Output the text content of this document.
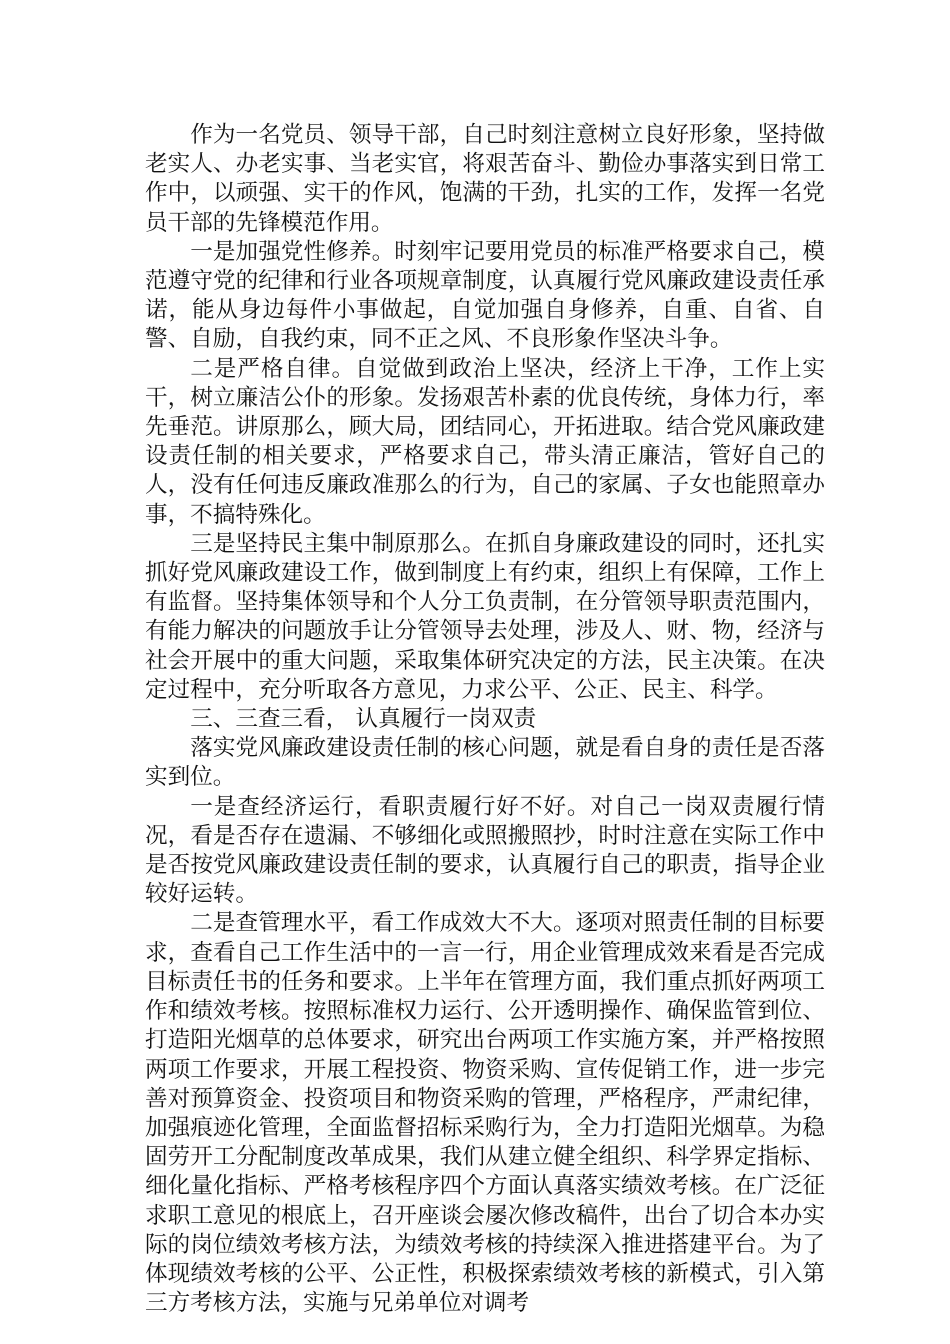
作为一名党员、领导干部，自己时刻注意树立良好形象，坚持做老实人、办老实事、当老实官，将艰苦奋斗、勤俭办事落实到日常工作中，以顽强、实干的作风，饱满的干劲，扎实的工作，发挥一名党员干部的先锋模范作用。

一是加强党性修养。时刻牢记要用党员的标准严格要求自己，模范遵守党的纪律和行业各项规章制度，认真履行党风廉政建设责任承诺，能从身边每件小事做起，自觉加强自身修养，自重、自省、自警、自励，自我约束，同不正之风、不良形象作坚决斗争。

二是严格自律。自觉做到政治上坚决，经济上干净，工作上实干，树立廉洁公仆的形象。发扬艰苦朴素的优良传统，身体力行，率先垂范。讲原那么，顾大局，团结同心，开拓进取。结合党风廉政建设责任制的相关要求，严格要求自己，带头清正廉洁，管好自己的人，没有任何违反廉政准那么的行为，自己的家属、子女也能照章办事，不搞特殊化。

三是坚持民主集中制原那么。在抓自身廉政建设的同时，还扎实抓好党风廉政建设工作，做到制度上有约束，组织上有保障，工作上有监督。坚持集体领导和个人分工负责制，在分管领导职责范围内，有能力解决的问题放手让分管领导去处理，涉及人、财、物，经济与社会开展中的重大问题，采取集体研究决定的方法，民主决策。在决定过程中，充分听取各方意见，力求公平、公正、民主、科学。

三、三查三看， 认真履行一岗双责

落实党风廉政建设责任制的核心问题，就是看自身的责任是否落实到位。

一是查经济运行，看职责履行好不好。对自己一岗双责履行情况，看是否存在遗漏、不够细化或照搬照抄，时时注意在实际工作中是否按党风廉政建设责任制的要求，认真履行自己的职责，指导企业较好运转。

二是查管理水平，看工作成效大不大。逐项对照责任制的目标要求，查看自己工作生活中的一言一行，用企业管理成效来看是否完成目标责任书的任务和要求。上半年在管理方面，我们重点抓好两项工作和绩效考核。按照标准权力运行、公开透明操作、确保监管到位、打造阳光烟草的总体要求，研究出台两项工作实施方案，并严格按照两项工作要求，开展工程投资、物资采购、宣传促销工作，进一步完善对预算资金、投资项目和物资采购的管理，严格程序，严肃纪律，加强痕迹化管理，全面监督招标采购行为，全力打造阳光烟草。为稳固劳开工分配制度改革成果，我们从建立健全组织、科学界定指标、细化量化指标、严格考核程序四个方面认真落实绩效考核。在广泛征求职工意见的根底上，召开座谈会屡次修改稿件，出台了切合本办实际的岗位绩效考核方法，为绩效考核的持续深入推进搭建平台。为了体现绩效考核的公平、公正性，积极探索绩效考核的新模式，引入第三方考核方法，实施与兄弟单位对调考
